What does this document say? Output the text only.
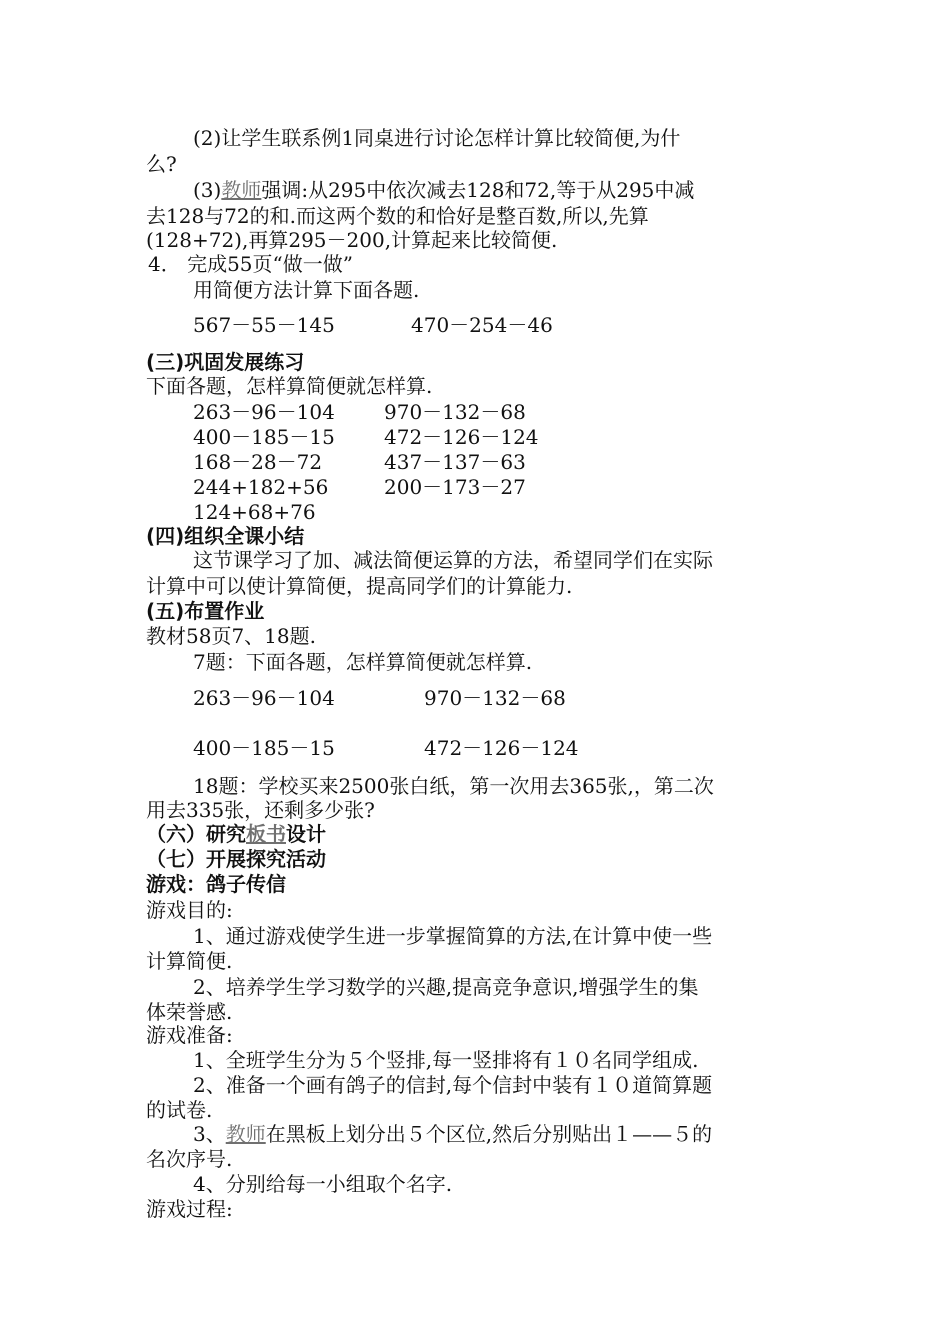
(2)让学生联系例1同桌进行讨论怎样计算比较简便,为什
么?
(3)教师强调:从295中依次减去128和72,等于从295中减
去128与72的和.而这两个数的和恰好是整百数,所以,先算
(128+72),再算295－200,计算起来比较简便.
4． 完成55页“做一做”
用简便方法计算下面各题.
567－55－145	470－254－46
(三)巩固发展练习
下面各题，怎样算简便就怎样算.
263－96－104 970－132－68
400－185－15 472－126－124
168－28－72	437－137－63
244+182+56	200－173－27
124+68+76
(四)组织全课小结
这节课学习了加、减法简便运算的方法，希望同学们在实际
计算中可以使计算简便，提高同学们的计算能力.
(五)布置作业
教材58页7、18题.
7题：下面各题，怎样算简便就怎样算.
263－96－104	970－132－68
400－185－15	472－126－124
18题：学校买来2500张白纸，第一次用去365张,，第二次
用去335张，还剩多少张?
（六）研究板书设计
（七）开展探究活动
游戏：鸽子传信
游戏目的:
1、通过游戏使学生进一步掌握简算的方法,在计算中使一些
计算简便.
2、培养学生学习数学的兴趣,提高竞争意识,增强学生的集
体荣誉感.
游戏准备:
1、全班学生分为５个竖排,每一竖排将有１０名同学组成.
2、准备一个画有鸽子的信封,每个信封中装有１０道简算题
的试卷.
3、教师在黑板上划分出５个区位,然后分别贴出１——５的
名次序号.
4、分别给每一小组取个名字.
游戏过程:
